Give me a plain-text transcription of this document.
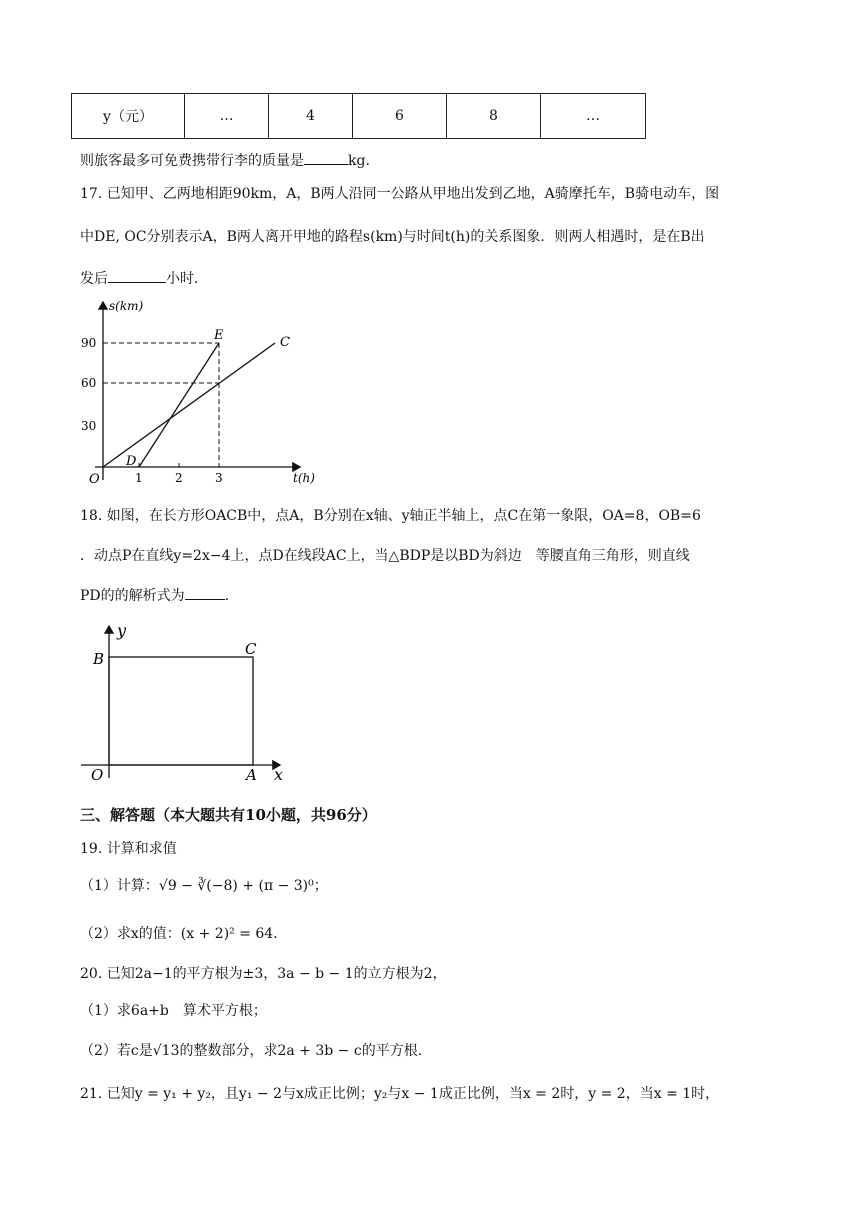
y（元）	…	4	6	8	…
则旅客最多可免费携带行李的质量是	kg.
17. 已知甲、乙两地相距90km，A，B两人沿同一公路从甲地出发到乙地，A骑摩托车，B骑电动车，图
中DE, OC分别表示A，B两人离开甲地的路程s(km)与时间t(h)的关系图象．则两人相遇时，是在B出
发后	小时．
s(km)
t(h)
90
60
30
1	2	3
O
D
E	C
18. 如图，在长方形OACB中，点A，B分别在x轴、y轴正半轴上，点C在第一象限，OA=8，OB=6
．动点P在直线y=2x−4上，点D在线段AC上，当△BDP是以BD为斜边　等腰直角三角形，则直线
PD的的解析式为	.
y
x
B
C
O	A
三、解答题（本大题共有10小题，共96分）
19. 计算和求值
（1）计算：√9 − ∛(−8) + (π − 3)⁰；
（2）求x的值：(x + 2)² = 64．
20. 已知2a−1的平方根为±3，3a − b − 1的立方根为2，
（1）求6a+b　算术平方根；
（2）若c是√13的整数部分，求2a + 3b − c的平方根.
21. 已知y = y₁ + y₂，且y₁ − 2与x成正比例；y₂与x − 1成正比例，当x = 2时，y = 2，当x = 1时，
